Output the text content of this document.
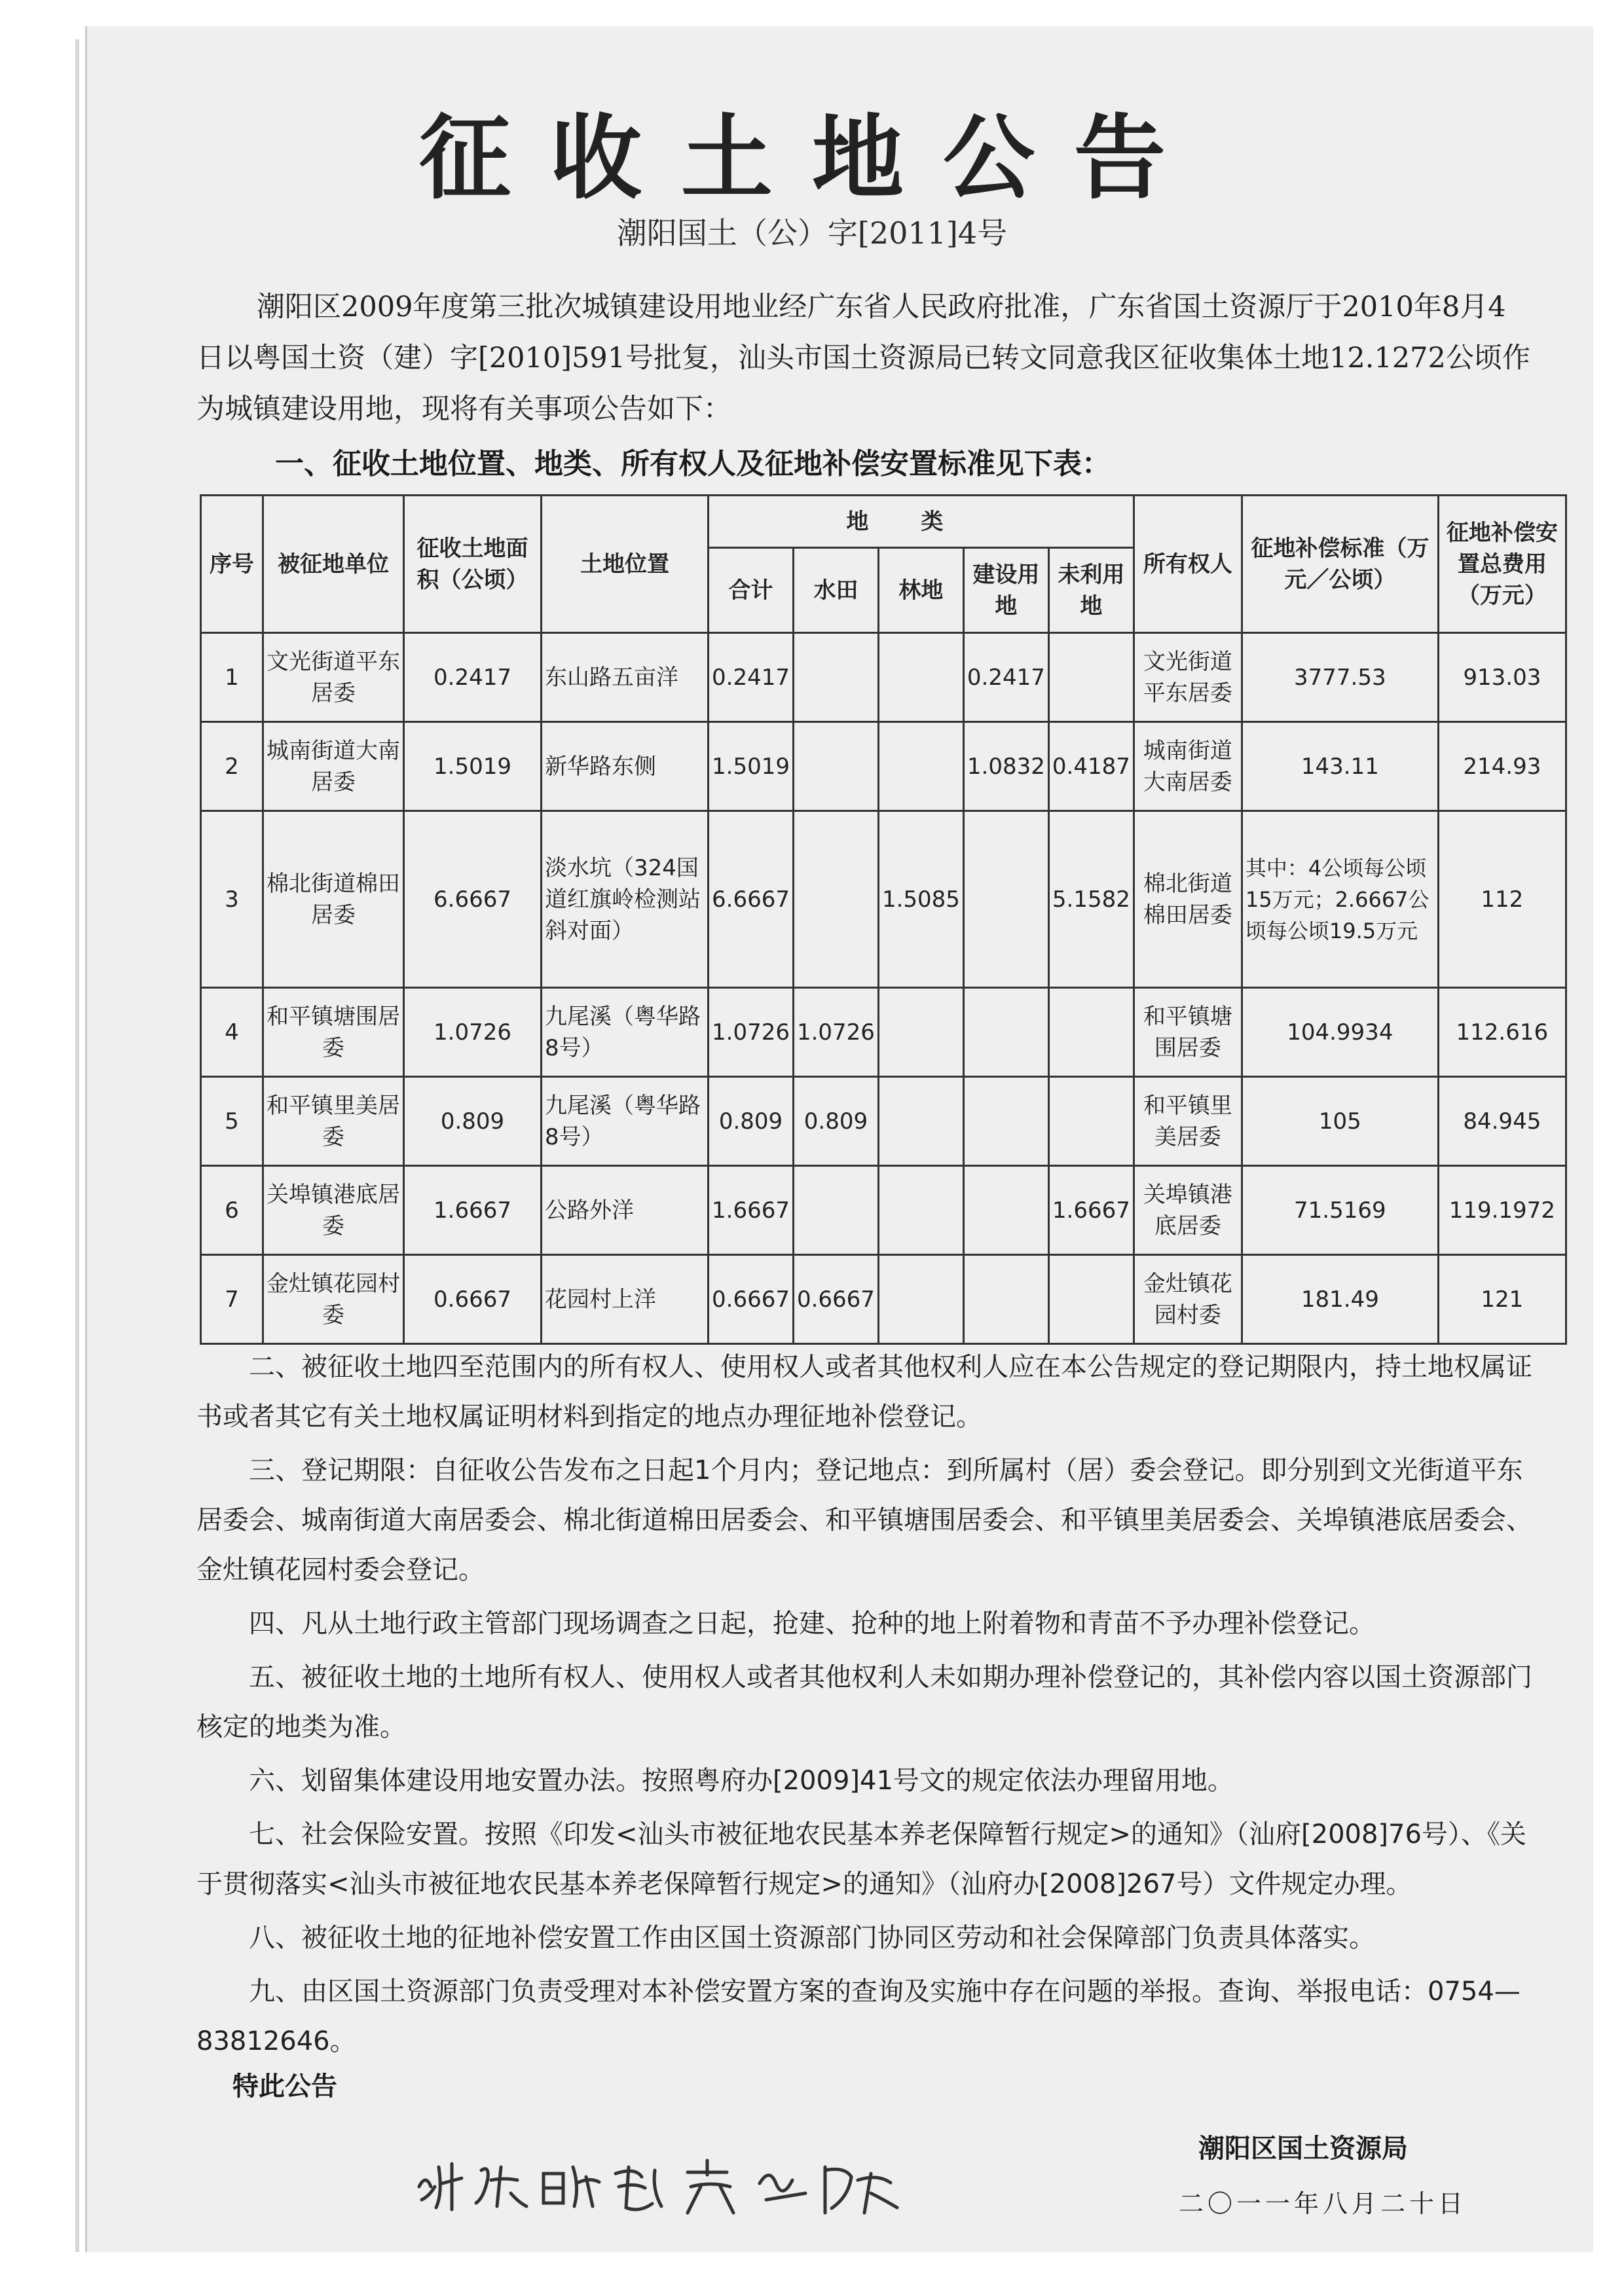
征收土地公告
潮阳国土（公）字[2011]4号
潮阳区2009年度第三批次城镇建设用地业经广东省人民政府批准，广东省国土资源厅于2010年8月4日以粤国土资（建）字[2010]591号批复，汕头市国土资源局已转文同意我区征收集体土地12.1272公顷作为城镇建设用地，现将有关事项公告如下：
一、征收土地位置、地类、所有权人及征地补偿安置标准见下表：
序号	被征地单位	征收土地面积（公顷）	土地位置	地类					所有权人	征地补偿标准（万元／公顷）	征地补偿安置总费用（万元）
				合计	水田	林地	建设用地	未利用地			
1	文光街道平东居委	0.2417	东山路五亩洋	0.2417			0.2417		文光街道平东居委	3777.53	913.03
2	城南街道大南居委	1.5019	新华路东侧	1.5019			1.0832	0.4187	城南街道大南居委	143.11	214.93
3	棉北街道棉田居委	6.6667	淡水坑（324国道红旗岭检测站斜对面）	6.6667		1.5085		5.1582	棉北街道棉田居委	其中：4公顷每公顷15万元；2.6667公顷每公顷19.5万元	112
4	和平镇塘围居委	1.0726	九尾溪（粤华路8号）	1.0726	1.0726				和平镇塘围居委	104.9934	112.616
5	和平镇里美居委	0.809	九尾溪（粤华路8号）	0.809	0.809				和平镇里美居委	105	84.945
6	关埠镇港底居委	1.6667	公路外洋	1.6667				1.6667	关埠镇港底居委	71.5169	119.1972
7	金灶镇花园村委	0.6667	花园村上洋	0.6667	0.6667				金灶镇花园村委	181.49	121

二、被征收土地四至范围内的所有权人、使用权人或者其他权利人应在本公告规定的登记期限内，持土地权属证书或者其它有关土地权属证明材料到指定的地点办理征地补偿登记。

三、登记期限：自征收公告发布之日起1个月内；登记地点：到所属村（居）委会登记。即分别到文光街道平东居委会、城南街道大南居委会、棉北街道棉田居委会、和平镇塘围居委会、和平镇里美居委会、关埠镇港底居委会、金灶镇花园村委会登记。

四、凡从土地行政主管部门现场调查之日起，抢建、抢种的地上附着物和青苗不予办理补偿登记。

五、被征收土地的土地所有权人、使用权人或者其他权利人未如期办理补偿登记的，其补偿内容以国土资源部门核定的地类为准。

六、划留集体建设用地安置办法。按照粤府办[2009]41号文的规定依法办理留用地。

七、社会保险安置。按照《印发<汕头市被征地农民基本养老保障暂行规定>的通知》（汕府[2008]76号）、《关于贯彻落实<汕头市被征地农民基本养老保障暂行规定>的通知》（汕府办[2008]267号）文件规定办理。

八、被征收土地的征地补偿安置工作由区国土资源部门协同区劳动和社会保障部门负责具体落实。

九、由区国土资源部门负责受理对本补偿安置方案的查询及实施中存在问题的举报。查询、举报电话：0754—83812646。

特此公告
潮阳区国土资源局
二〇一一年八月二十日
